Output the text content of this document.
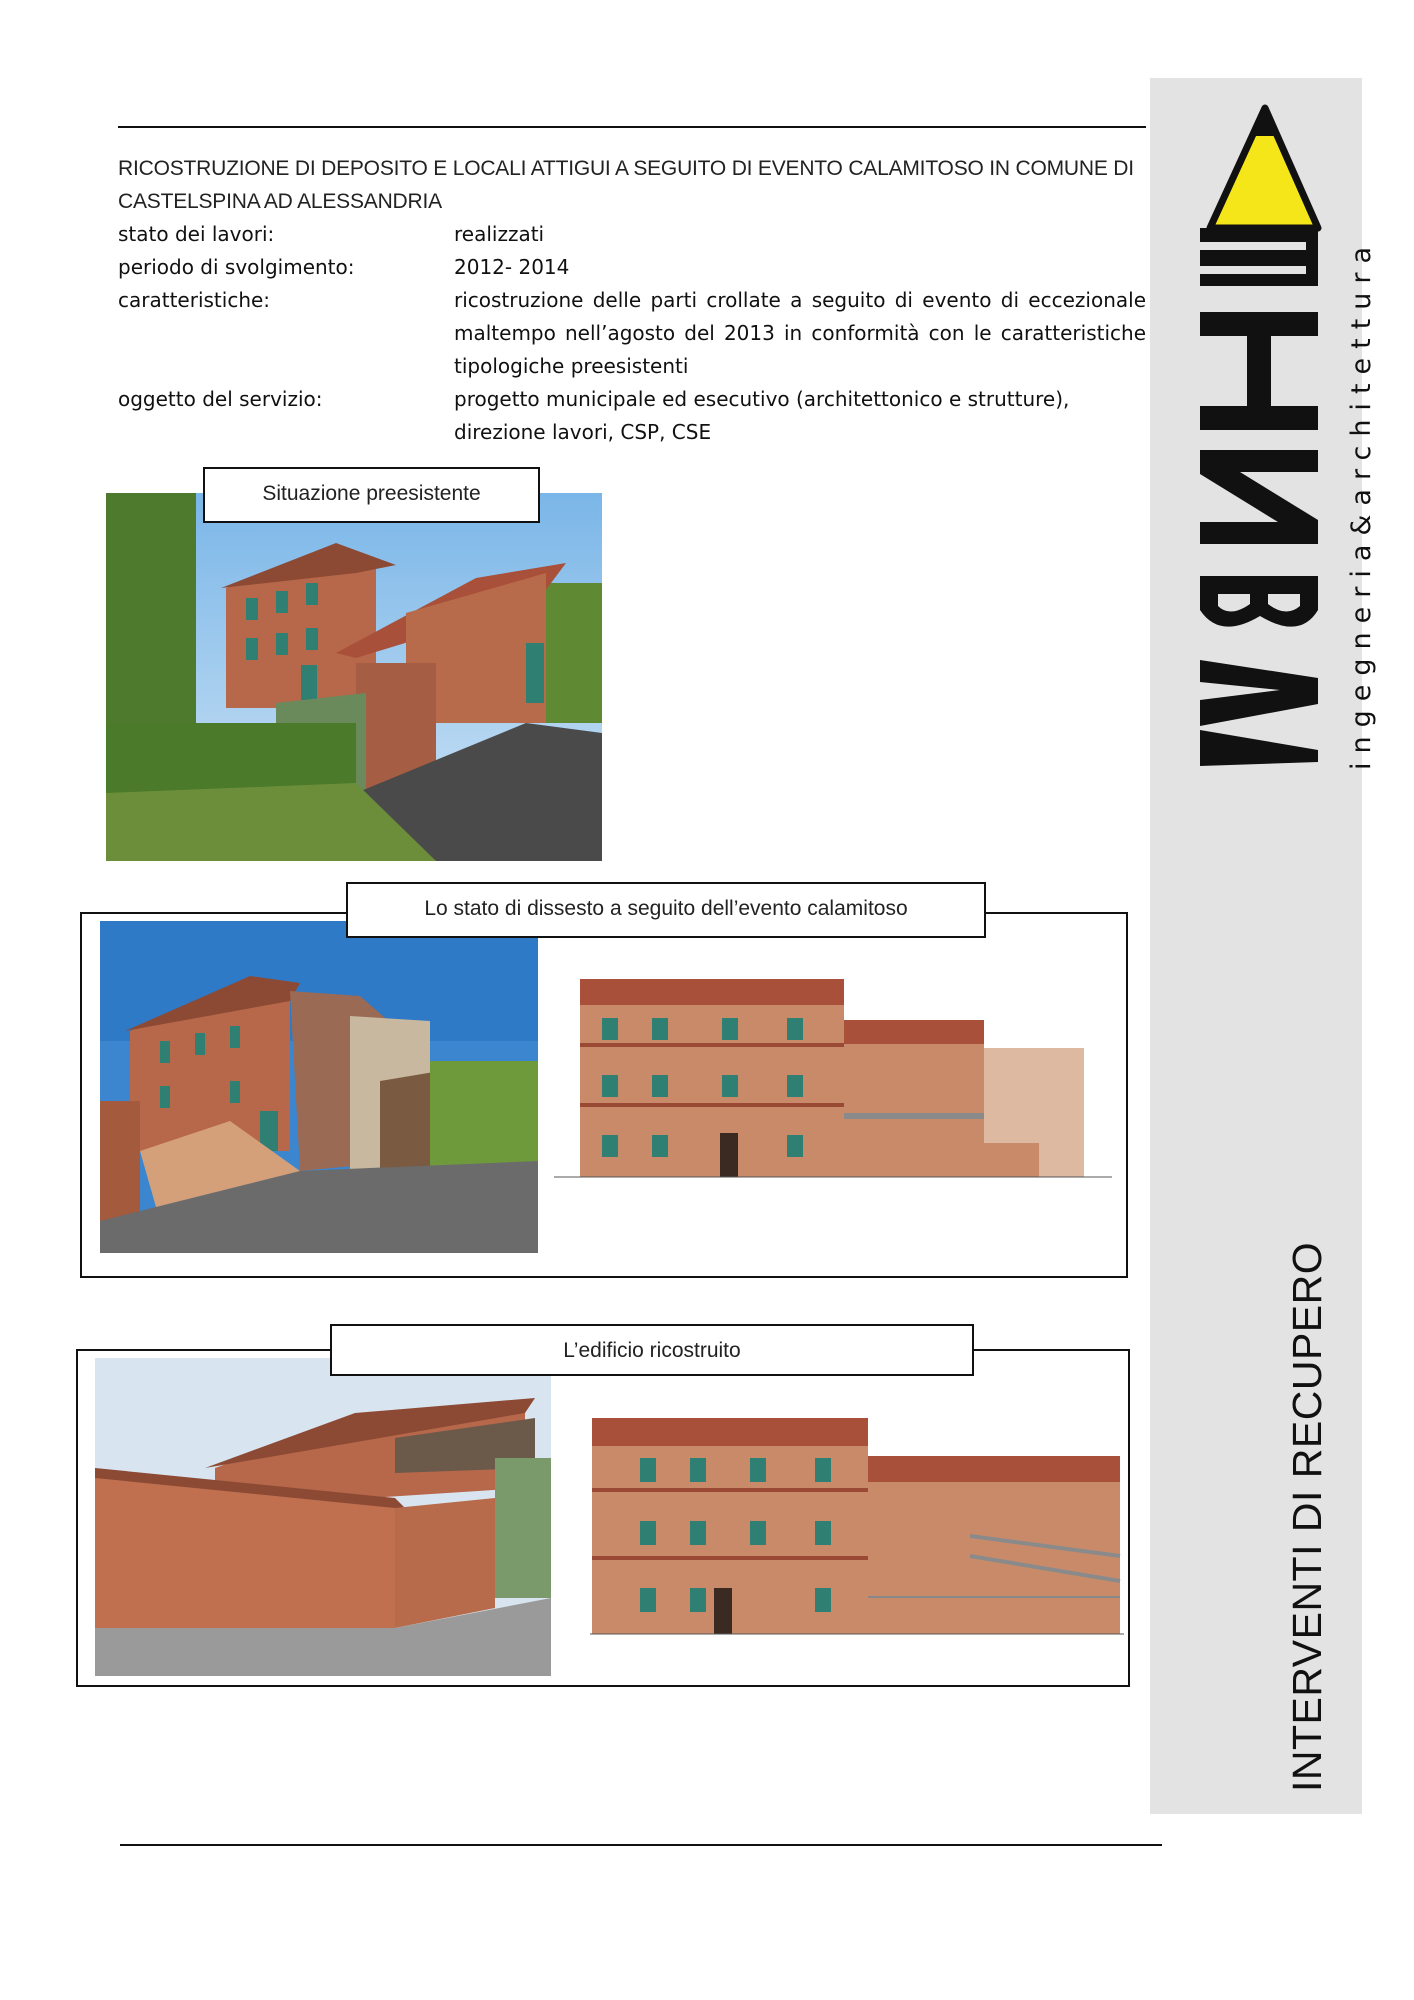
RICOSTRUZIONE DI DEPOSITO E LOCALI ATTIGUI A SEGUITO DI EVENTO CALAMITOSO IN COMUNE DI CASTELSPINA AD ALESSANDRIA
stato dei lavori:	realizzati
periodo di svolgimento:	2012- 2014
caratteristiche:	ricostruzione delle parti crollate a seguito di evento di eccezionale maltempo nell’agosto del 2013 in conformità con le caratteristiche tipologiche preesistenti
oggetto del servizio:	progetto municipale ed esecutivo (architettonico e strutture), direzione lavori, CSP, CSE
Situazione preesistente
Lo stato di dissesto a seguito dell’evento calamitoso
L’edificio ricostruito
ingegneria&architettura
INTERVENTI DI RECUPERO
